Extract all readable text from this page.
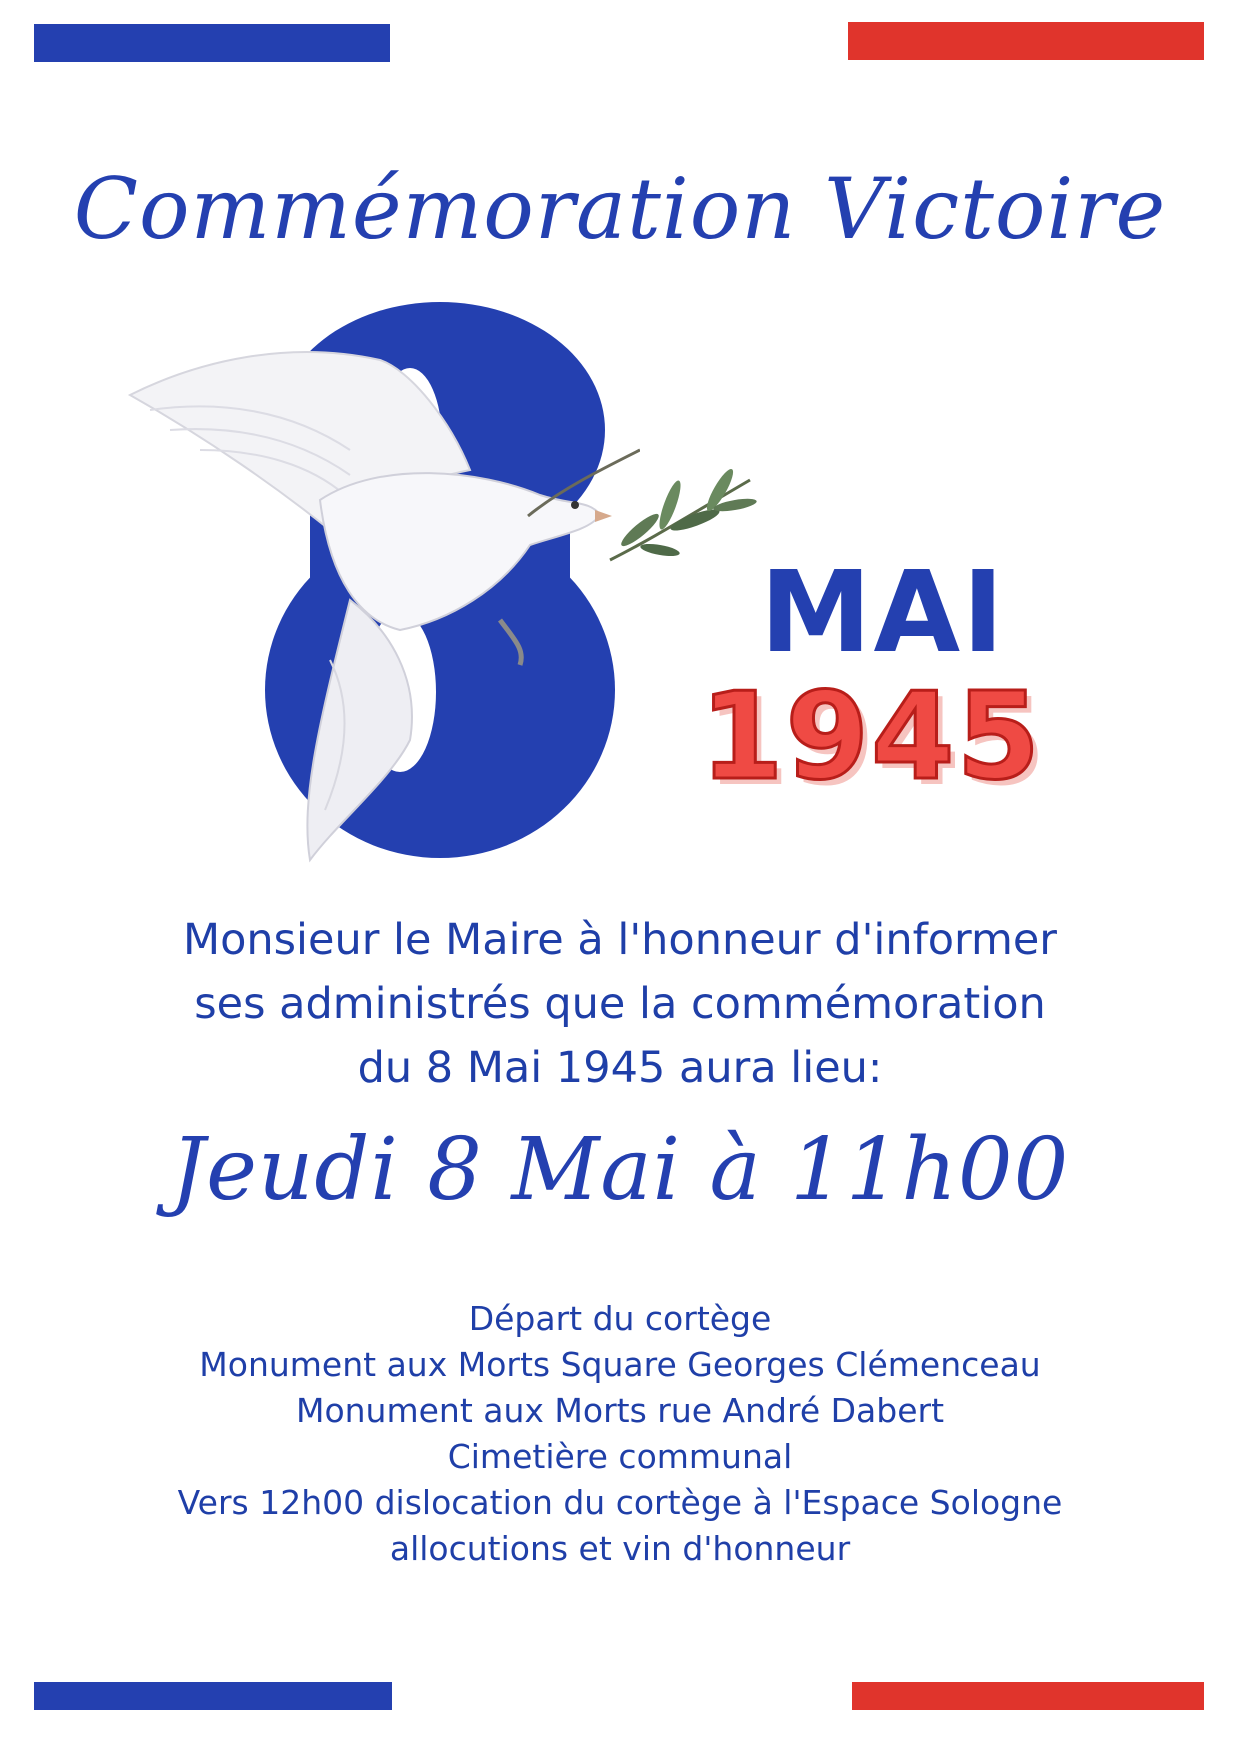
Commémoration Victoire
MAI
1945
Monsieur le Maire à l'honneur d'informer
ses administrés que la commémoration
du 8 Mai 1945 aura lieu:
Jeudi 8 Mai à 11h00
Départ du cortège
Monument aux Morts Square Georges Clémenceau
Monument aux Morts rue André Dabert
Cimetière communal
Vers 12h00 dislocation du cortège à l'Espace Sologne
allocutions et vin d'honneur
